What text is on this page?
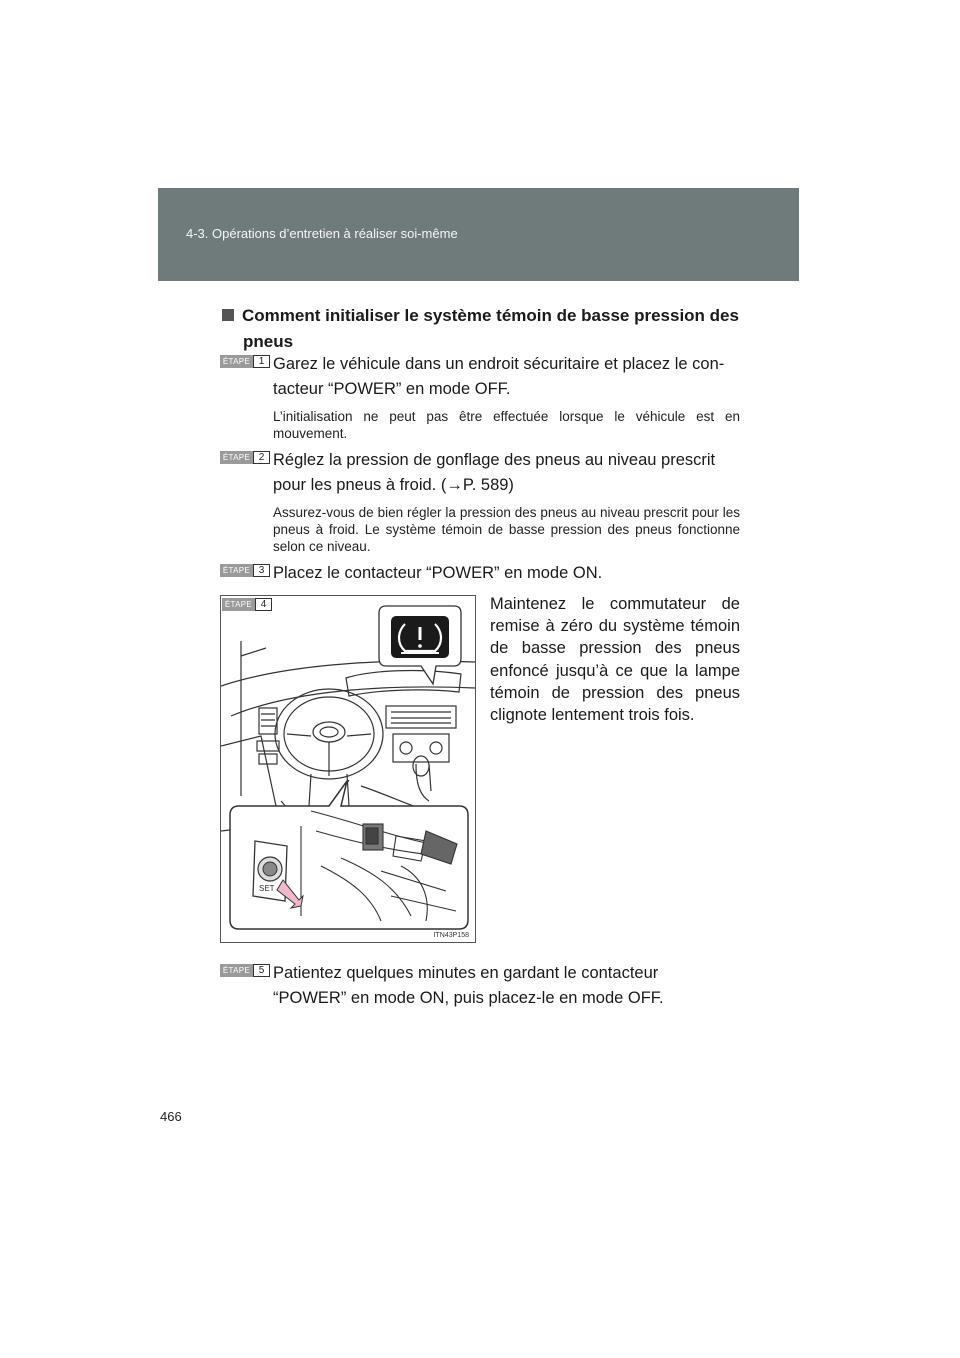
4-3. Opérations d’entretien à réaliser soi-même
Comment initialiser le système témoin de basse pression des
pneus
ÉTAPE 1 Garez le véhicule dans un endroit sécuritaire et placez le con-
tacteur “POWER” en mode OFF.
L’initialisation ne peut pas être effectuée lorsque le véhicule est en mouvement.
ÉTAPE 2 Réglez la pression de gonflage des pneus au niveau prescrit
pour les pneus à froid. (→P. 589)
Assurez-vous de bien régler la pression des pneus au niveau prescrit pour les pneus à froid. Le système témoin de basse pression des pneus fonctionne selon ce niveau.
ÉTAPE 3 Placez le contacteur “POWER” en mode ON.
ÉTAPE 4
SET
ITN43P158
Maintenez le commutateur de remise à zéro du système témoin de basse pression des pneus enfoncé jusqu’à ce que la lampe témoin de pression des pneus clignote lentement trois fois.
ÉTAPE 5 Patientez quelques minutes en gardant le contacteur
“POWER” en mode ON, puis placez-le en mode OFF.
466
